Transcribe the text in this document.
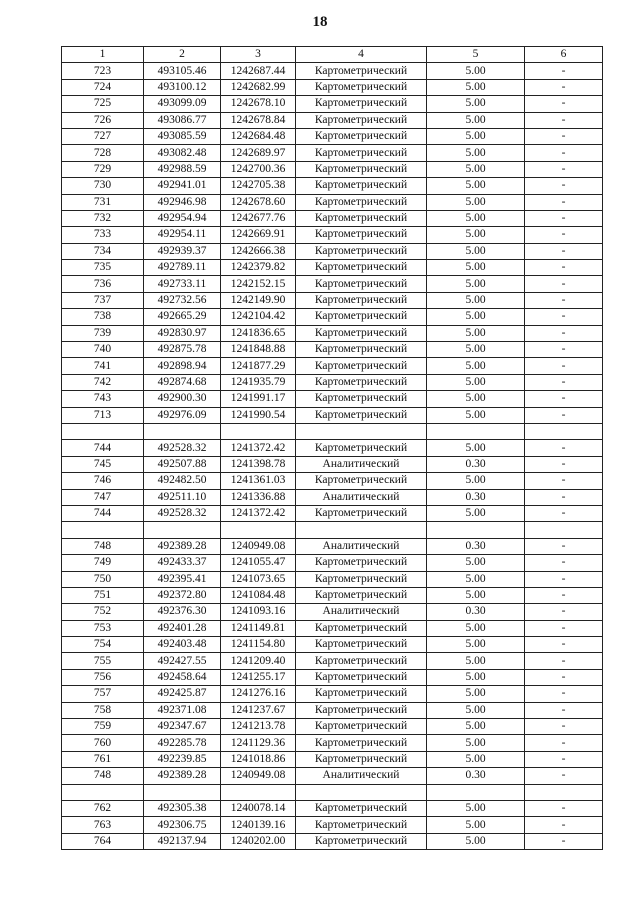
18
1	2	3	4	5	6
723	493105.46	1242687.44	Картометрический	5.00	-
724	493100.12	1242682.99	Картометрический	5.00	-
725	493099.09	1242678.10	Картометрический	5.00	-
726	493086.77	1242678.84	Картометрический	5.00	-
727	493085.59	1242684.48	Картометрический	5.00	-
728	493082.48	1242689.97	Картометрический	5.00	-
729	492988.59	1242700.36	Картометрический	5.00	-
730	492941.01	1242705.38	Картометрический	5.00	-
731	492946.98	1242678.60	Картометрический	5.00	-
732	492954.94	1242677.76	Картометрический	5.00	-
733	492954.11	1242669.91	Картометрический	5.00	-
734	492939.37	1242666.38	Картометрический	5.00	-
735	492789.11	1242379.82	Картометрический	5.00	-
736	492733.11	1242152.15	Картометрический	5.00	-
737	492732.56	1242149.90	Картометрический	5.00	-
738	492665.29	1242104.42	Картометрический	5.00	-
739	492830.97	1241836.65	Картометрический	5.00	-
740	492875.78	1241848.88	Картометрический	5.00	-
741	492898.94	1241877.29	Картометрический	5.00	-
742	492874.68	1241935.79	Картометрический	5.00	-
743	492900.30	1241991.17	Картометрический	5.00	-
713	492976.09	1241990.54	Картометрический	5.00	-

744	492528.32	1241372.42	Картометрический	5.00	-
745	492507.88	1241398.78	Аналитический	0.30	-
746	492482.50	1241361.03	Картометрический	5.00	-
747	492511.10	1241336.88	Аналитический	0.30	-
744	492528.32	1241372.42	Картометрический	5.00	-

748	492389.28	1240949.08	Аналитический	0.30	-
749	492433.37	1241055.47	Картометрический	5.00	-
750	492395.41	1241073.65	Картометрический	5.00	-
751	492372.80	1241084.48	Картометрический	5.00	-
752	492376.30	1241093.16	Аналитический	0.30	-
753	492401.28	1241149.81	Картометрический	5.00	-
754	492403.48	1241154.80	Картометрический	5.00	-
755	492427.55	1241209.40	Картометрический	5.00	-
756	492458.64	1241255.17	Картометрический	5.00	-
757	492425.87	1241276.16	Картометрический	5.00	-
758	492371.08	1241237.67	Картометрический	5.00	-
759	492347.67	1241213.78	Картометрический	5.00	-
760	492285.78	1241129.36	Картометрический	5.00	-
761	492239.85	1241018.86	Картометрический	5.00	-
748	492389.28	1240949.08	Аналитический	0.30	-

762	492305.38	1240078.14	Картометрический	5.00	-
763	492306.75	1240139.16	Картометрический	5.00	-
764	492137.94	1240202.00	Картометрический	5.00	-
